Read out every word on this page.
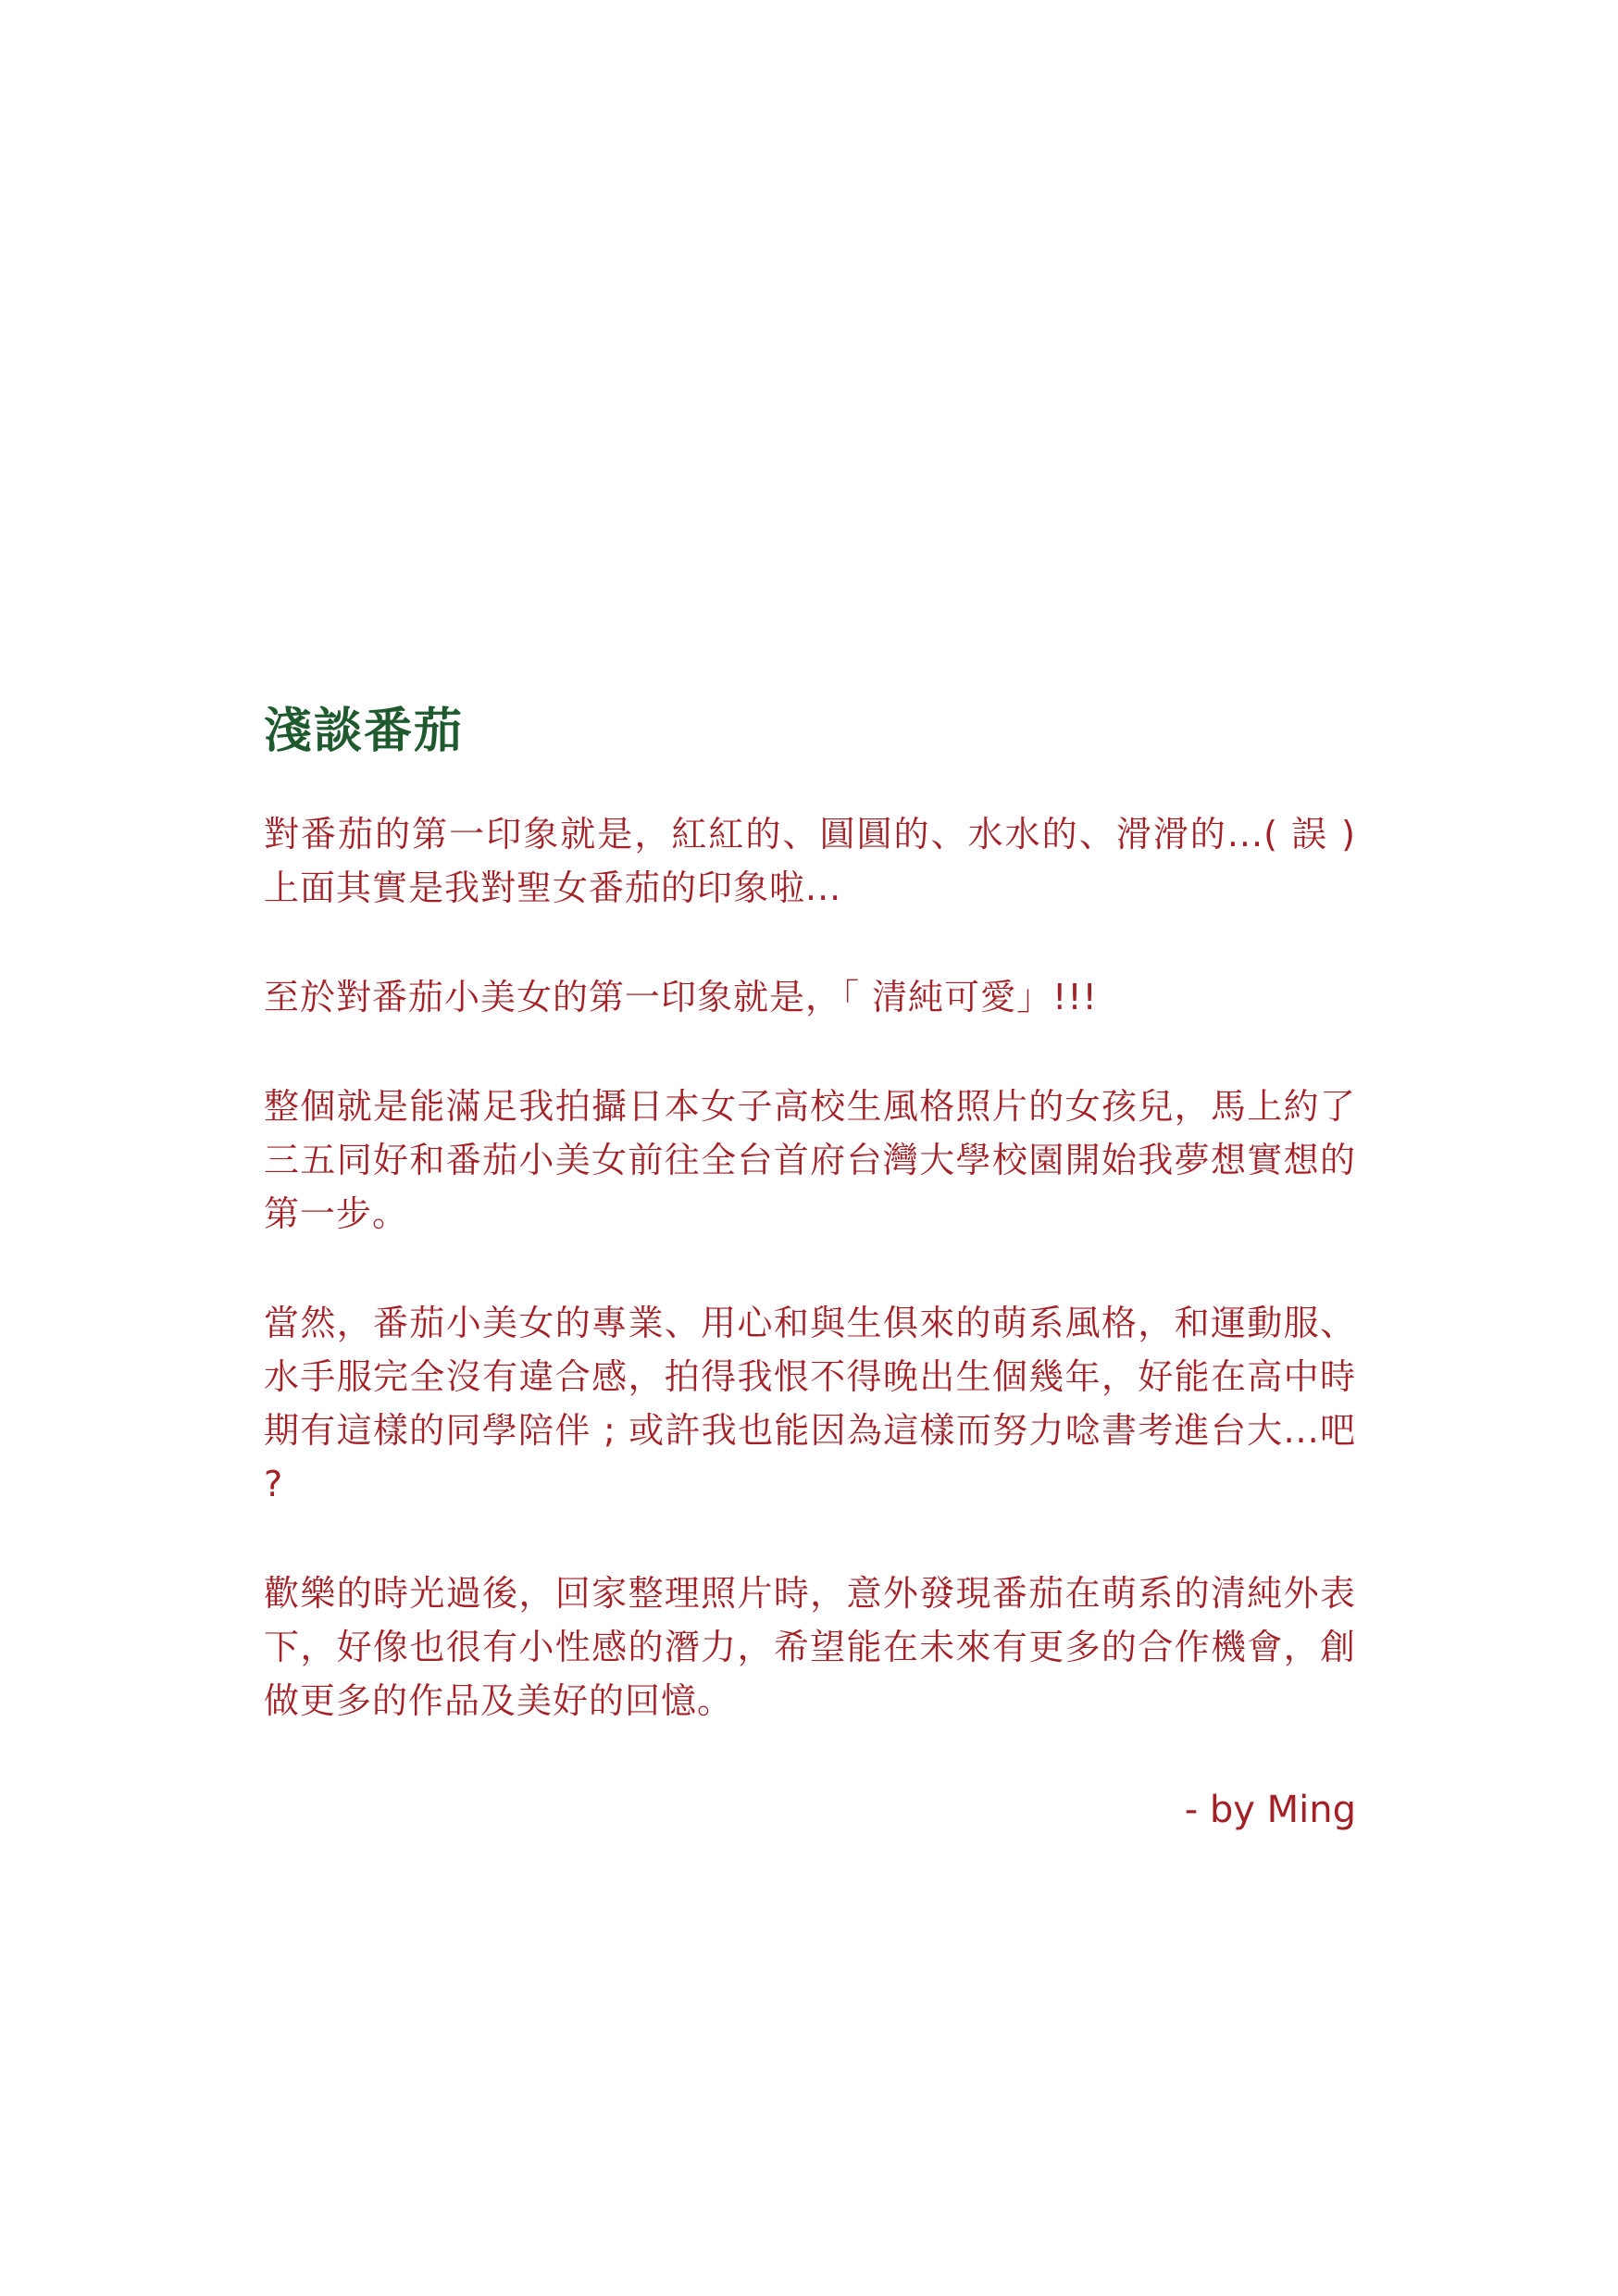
淺談番茄

對番茄的第一印象就是，紅紅的、圓圓的、水水的、滑滑的...( 誤 ) 上面其實是我對聖女番茄的印象啦...

至於對番茄小美女的第一印象就是，「 清純可愛」!!!

整個就是能滿足我拍攝日本女子高校生風格照片的女孩兒，馬上約了三五同好和番茄小美女前往全台首府台灣大學校園開始我夢想實想的第一步。

當然，番茄小美女的專業、用心和與生俱來的萌系風格，和運動服、水手服完全沒有違合感，拍得我恨不得晚出生個幾年，好能在高中時期有這樣的同學陪伴 ; 或許我也能因為這樣而努力唸書考進台大...吧 ?

歡樂的時光過後，回家整理照片時，意外發現番茄在萌系的清純外表下，好像也很有小性感的潛力，希望能在未來有更多的合作機會，創做更多的作品及美好的回憶。

- by Ming
